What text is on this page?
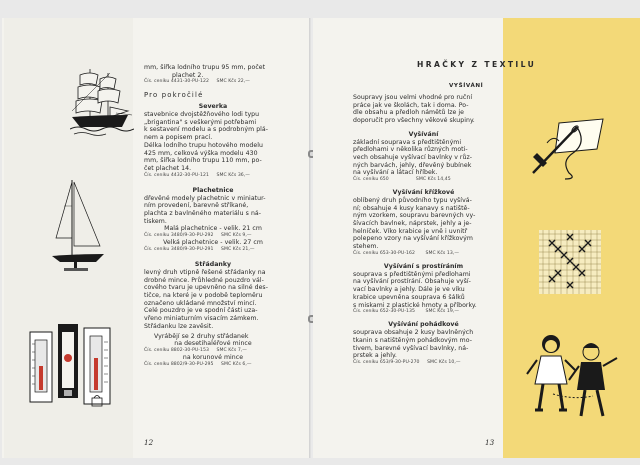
mm, šířka lodního trupu 95 mm, počet

plachet 2.

Čís. ceníku 4431-30-PU-122     SMC Kčs 22,—

Pro pokročilé

Severka

stavebnice dvojstěžňového lodi typu

„brigantina" s veškerými potřebami

k sestavení modelu a s podrobným plá-

nem a popisem prací.

Délka lodního trupu hotového modelu

425 mm, celková výška modelu 430

mm, šířka lodního trupu 110 mm, po-

čet plachet 14.

Čís. ceníku 4432-30-PU-121     SMC Kčs 36,—

Plachetnice

dřevěné modely plachetnic v miniatur-

ním provedení, barevně stříkané,

plachta z bavlněného materiálu s ná-

tiskem.

Malá plachetnice - velik. 21 cm

Čís. ceníku 3480/9-30-PU-292     SMC Kčs 9,—

Velká plachetnice - velik. 27 cm

Čís. ceníku 3480/9-30-PU-291     SMC Kčs 21,—

Střádanky

levný druh vtipně řešené střádanky na

drobné mince. Průhledné pouzdro vál-

cového tvaru je upevněno na silné des-

tičce, na které je v podobě teploměru

označeno ukládané množství mincí.

Celé pouzdro je ve spodní části uza-

vřeno miniaturním visacím zámkem.

Střádanku lze zavěsit.

Vyrábějí se 2 druhy střádanek

na desetihaléřové mince

Čís. ceníku 8802-30-PU-153     SMC Kčs 7,—

na korunové mince

Čís. ceníku 8802/9-30-PU-295     SMC Kčs 6,—

12
HRAČKY Z TEXTILU
VYŠÍVÁNÍ

Soupravy jsou velmi vhodné pro ruční

práce jak ve školách, tak i doma. Po-

dle obsahu a předloh námětů lze je

doporučit pro všechny věkové skupiny.

Vyšívání

základní souprava s předtištěnými

předlohami v několika různých moti-

vech obsahuje vyšívací bavlnky v růz-

ných barvách, jehly, dřevěný bubínek

na vyšívání a látací hříbek.

Čís. ceníku 650                  SMC Kčs 14,45

Vyšívání křížkové

oblíbený druh původního typu vyšívá-

ní; obsahuje 4 kusy kanavy s natiště-

ným vzorkem, soupravu barevných vy-

šívacích bavlnek, náprstek, jehly a je-

helníček. Víko krabice je vně i uvnitř

polepeno vzory na vyšívání křížkovým

stehem.

Čís. ceníku 653-30-PU-162       SMC Kčs 13,—

Vyšívání s prostíráním

souprava s předtištěnými předlohami

na vyšívání prostírání. Obsahuje vyší-

vací bavlnky a jehly. Dále je ve víku

krabice upevněna souprava 6 šálků

s miskami z plastické hmoty a příborky.

Čís. ceníku 652-30-PU-135       SMC Kčs 19,—

Vyšívání pohádkové

souprava obsahuje 2 kusy bavlněných

tkanin s natištěným pohádkovým mo-

tivem, barevné vyšívací bavlnky, ná-

prstek a jehly.

Čís. ceníku 653/9-30-PU-270     SMC Kčs 10,—

13
